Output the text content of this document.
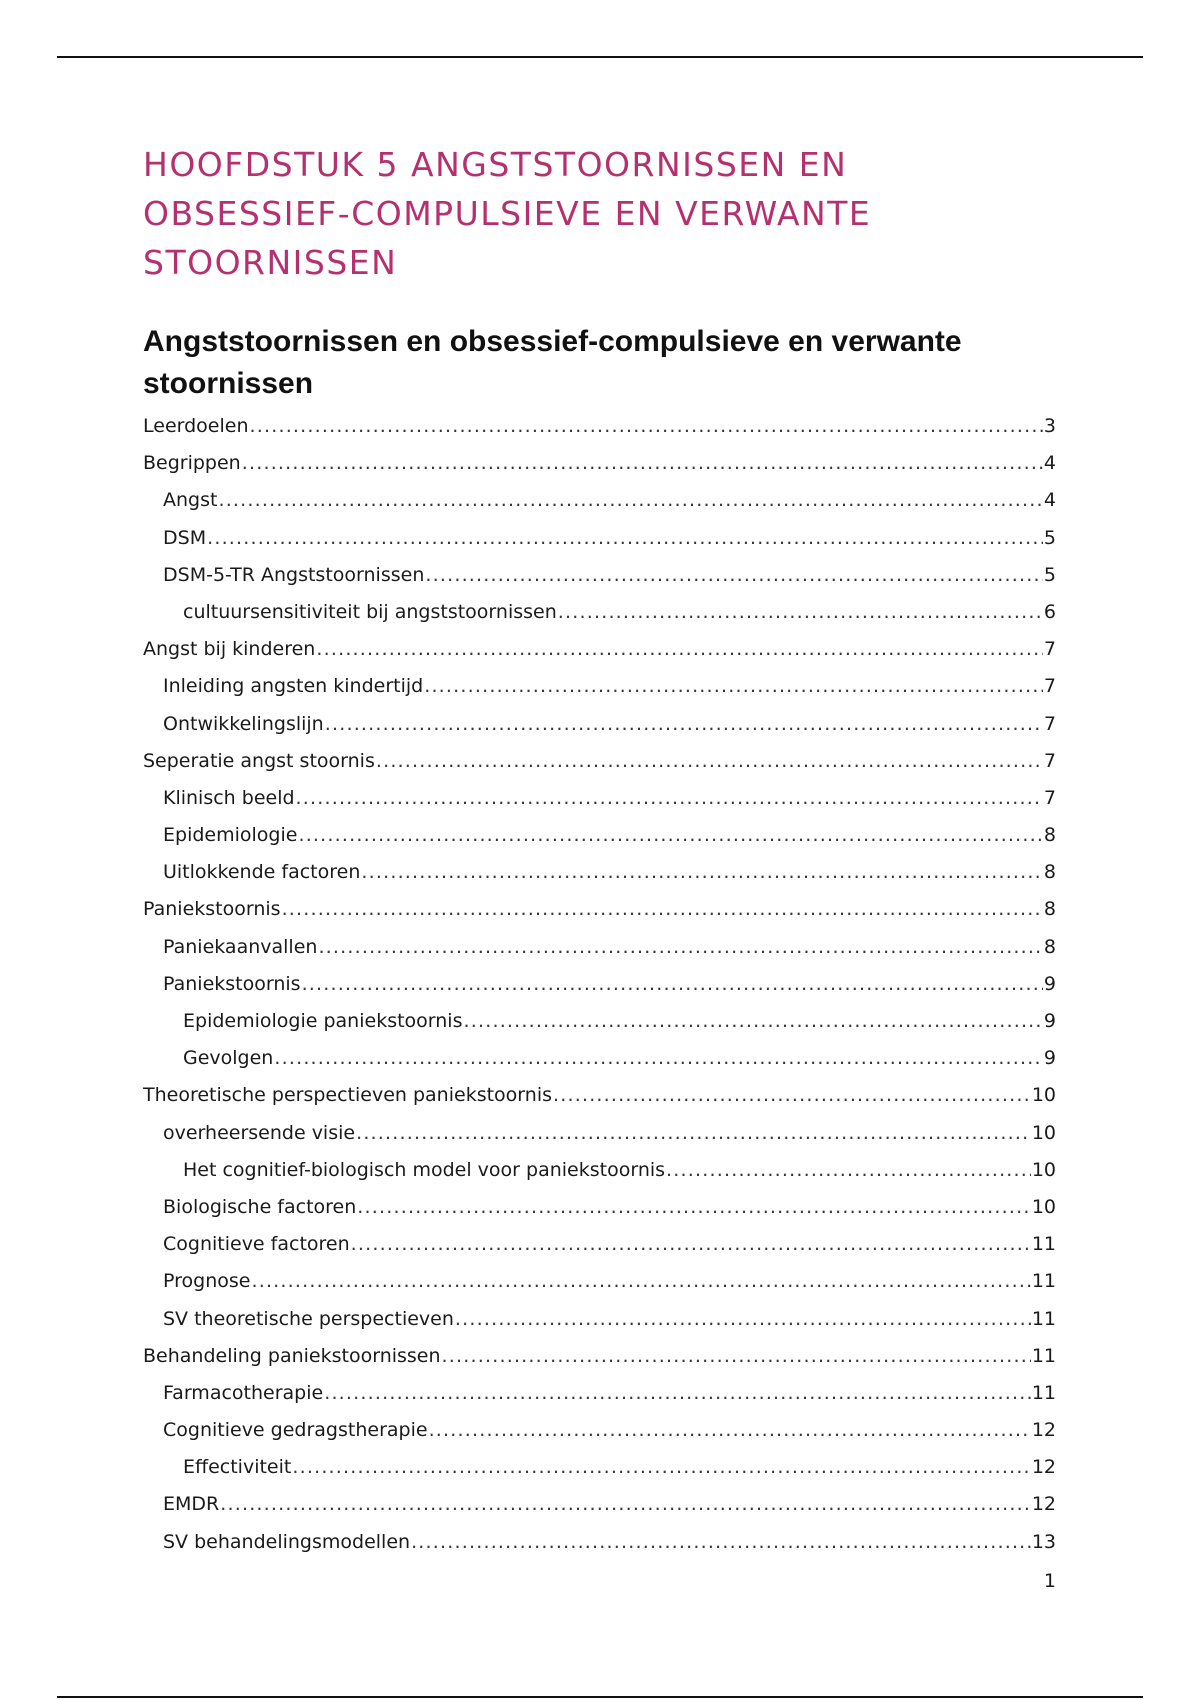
HOOFDSTUK 5 ANGSTSTOORNISSEN EN OBSESSIEF-COMPULSIEVE EN VERWANTE STOORNISSEN
Angststoornissen en obsessief-compulsieve en verwante stoornissen
Leerdoelen .....	3
Begrippen .....	4
Angst .....	4
DSM .....	5
DSM-5-TR Angststoornissen .....	5
cultuursensitiviteit bij angststoornissen .....	6
Angst bij kinderen .....	7
Inleiding angsten kindertijd .....	7
Ontwikkelingslijn .....	7
Seperatie angst stoornis .....	7
Klinisch beeld .....	7
Epidemiologie .....	8
Uitlokkende factoren .....	8
Paniekstoornis .....	8
Paniekaanvallen .....	8
Paniekstoornis .....	9
Epidemiologie paniekstoornis .....	9
Gevolgen .....	9
Theoretische perspectieven paniekstoornis .....	10
overheersende visie .....	10
Het cognitief-biologisch model voor paniekstoornis .....	10
Biologische factoren .....	10
Cognitieve factoren .....	11
Prognose .....	11
SV theoretische perspectieven .....	11
Behandeling paniekstoornissen .....	11
Farmacotherapie .....	11
Cognitieve gedragstherapie .....	12
Effectiviteit .....	12
EMDR .....	12
SV behandelingsmodellen .....	13
1
